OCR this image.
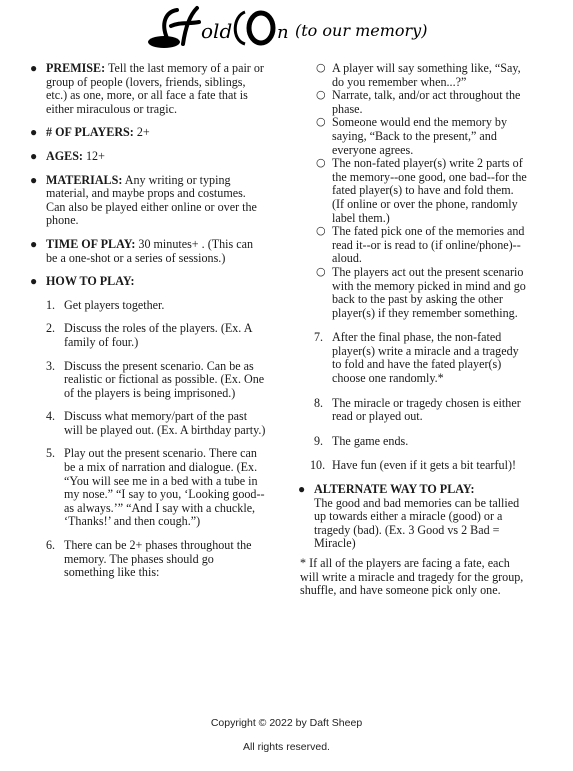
old n (to our memory)
● PREMISE: Tell the last memory of a pair or group of people (lovers, friends, siblings, etc.) as one, more, or all face a fate that is either miraculous or tragic.
● # OF PLAYERS: 2+
● AGES: 12+
● MATERIALS: Any writing or typing material, and maybe props and costumes. Can also be played either online or over the phone.
● TIME OF PLAY: 30 minutes+ . (This can be a one-shot or a series of sessions.)
● HOW TO PLAY:
1. Get players together.
2. Discuss the roles of the players. (Ex. A family of four.)
3. Discuss the present scenario. Can be as realistic or fictional as possible. (Ex. One of the players is being imprisoned.)
4. Discuss what memory/part of the past will be played out. (Ex. A birthday party.)
5. Play out the present scenario. There can be a mix of narration and dialogue. (Ex. “You will see me in a bed with a tube in my nose.” “I say to you, ‘Looking good--as always.’” “And I say with a chuckle, ‘Thanks!’ and then cough.”)
6. There can be 2+ phases throughout the memory. The phases should go something like this:
○ A player will say something like, “Say, do you remember when...?”
○ Narrate, talk, and/or act throughout the phase.
○ Someone would end the memory by saying, “Back to the present,” and everyone agrees.
○ The non-fated player(s) write 2 parts of the memory--one good, one bad--for the fated player(s) to have and fold them. (If online or over the phone, randomly label them.)
○ The fated pick one of the memories and read it--or is read to (if online/phone)--aloud.
○ The players act out the present scenario with the memory picked in mind and go back to the past by asking the other player(s) if they remember something.
7. After the final phase, the non-fated player(s) write a miracle and a tragedy to fold and have the fated player(s) choose one randomly.*
8. The miracle or tragedy chosen is either read or played out.
9. The game ends.
10. Have fun (even if it gets a bit tearful)!
● ALTERNATE WAY TO PLAY:
The good and bad memories can be tallied up towards either a miracle (good) or a tragedy (bad). (Ex. 3 Good vs 2 Bad = Miracle)
* If all of the players are facing a fate, each will write a miracle and tragedy for the group, shuffle, and have someone pick only one.
Copyright © 2022 by Daft Sheep
All rights reserved.
